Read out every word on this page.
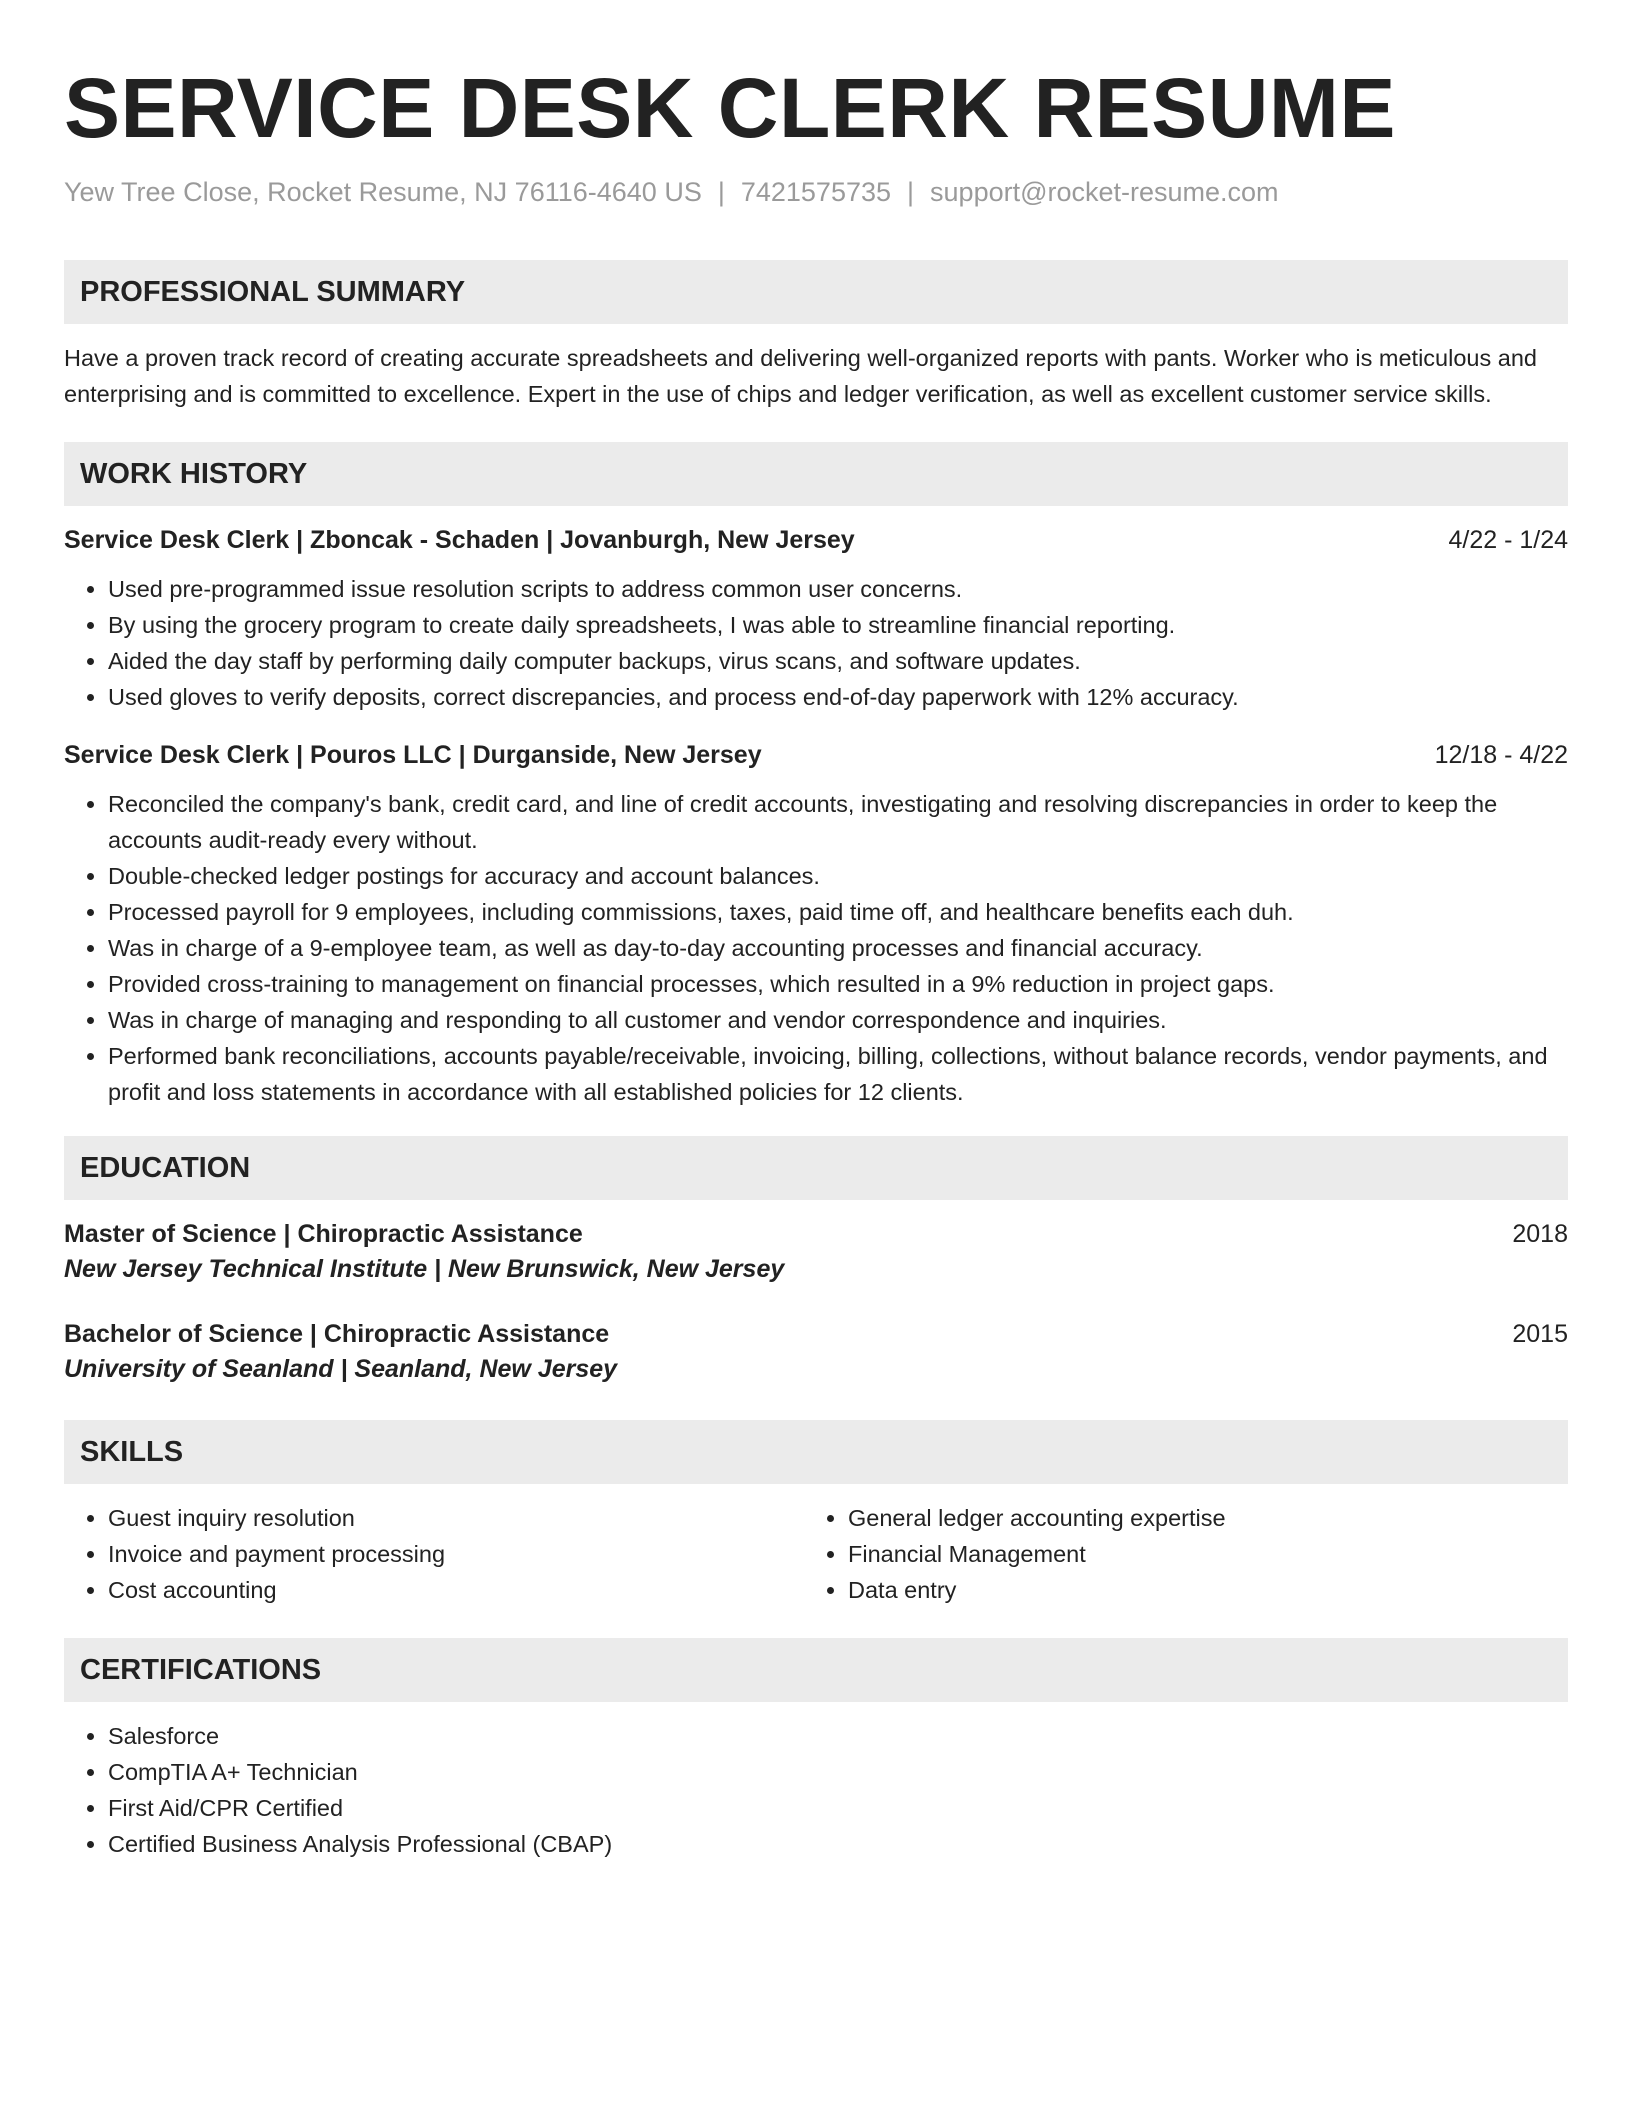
SERVICE DESK CLERK RESUME
Yew Tree Close, Rocket Resume, NJ 76116-4640 US | 7421575735 | support@rocket-resume.com
PROFESSIONAL SUMMARY

Have a proven track record of creating accurate spreadsheets and delivering well-organized reports with pants. Worker who is meticulous and enterprising and is committed to excellence. Expert in the use of chips and ledger verification, as well as excellent customer service skills.

WORK HISTORY
Service Desk Clerk | Zboncak - Schaden | Jovanburgh, New Jersey	4/22 - 1/24
• Used pre-programmed issue resolution scripts to address common user concerns.
• By using the grocery program to create daily spreadsheets, I was able to streamline financial reporting.
• Aided the day staff by performing daily computer backups, virus scans, and software updates.
• Used gloves to verify deposits, correct discrepancies, and process end-of-day paperwork with 12% accuracy.
Service Desk Clerk | Pouros LLC | Durganside, New Jersey	12/18 - 4/22
• Reconciled the company's bank, credit card, and line of credit accounts, investigating and resolving discrepancies in order to keep the accounts audit-ready every without.
• Double-checked ledger postings for accuracy and account balances.
• Processed payroll for 9 employees, including commissions, taxes, paid time off, and healthcare benefits each duh.
• Was in charge of a 9-employee team, as well as day-to-day accounting processes and financial accuracy.
• Provided cross-training to management on financial processes, which resulted in a 9% reduction in project gaps.
• Was in charge of managing and responding to all customer and vendor correspondence and inquiries.
• Performed bank reconciliations, accounts payable/receivable, invoicing, billing, collections, without balance records, vendor payments, and profit and loss statements in accordance with all established policies for 12 clients.
EDUCATION
Master of Science | Chiropractic Assistance	2018
New Jersey Technical Institute | New Brunswick, New Jersey
Bachelor of Science | Chiropractic Assistance	2015
University of Seanland | Seanland, New Jersey
SKILLS
• Guest inquiry resolution
• Invoice and payment processing
• Cost accounting
• General ledger accounting expertise
• Financial Management
• Data entry
CERTIFICATIONS
• Salesforce
• CompTIA A+ Technician
• First Aid/CPR Certified
• Certified Business Analysis Professional (CBAP)
